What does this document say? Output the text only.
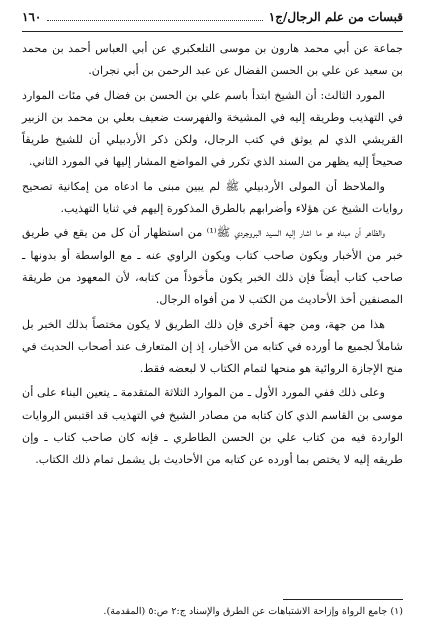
قبسات من علم الرجال/ج١
١٦٠

جماعة عن أبي محمد هارون بن موسى التلعكبري عن أبي العباس أحمد بن محمد بن سعيد عن علي بن الحسن الفضال عن عبد الرحمن بن أبي نجران.

المورد الثالث: أن الشيخ ابتدأ باسم علي بن الحسن بن فضال في مئات الموارد في التهذيب وطريقه إليه في المشيخة والفهرست ضعيف بعلي بن محمد بن الزبير القريشي الذي لم يوثق في كتب الرجال، ولكن ذكر الأردبيلي أن للشيخ طريقاً صحيحاً إليه يظهر من السند الذي تكرر في المواضع المشار إليها في المورد الثاني.

والملاحظ أن المولى الأردبيلي ﷺ لم يبين مبنى ما ادعاه من إمكانية تصحيح روايات الشيخ عن هؤلاء وأضرابهم بالطرق المذكورة إليهم في ثنايا التهذيب.

والظاهر أن مبناه هو ما اشار إليه السيد البروجردي ﷺ⁽¹⁾ من استظهار أن كل من يقع في طريق خبر من الأخبار ويكون صاحب كتاب ويكون الراوي عنه ـ مع الواسطة أو بدونها ـ صاحب كتاب أيضاً فإن ذلك الخبر يكون مأخوذاً من كتابه، لأن المعهود من طريقة المصنفين أخذ الأحاديث من الكتب لا من أفواه الرجال.

هذا من جهة، ومن جهة أخرى فإن ذلك الطريق لا يكون مختصاً بذلك الخبر بل شاملاً لجميع ما أورده في كتابه من الأخبار، إذ إن المتعارف عند أصحاب الحديث في منح الإجازة الروائية هو منحها لتمام الكتاب لا لبعضه فقط.

وعلى ذلك ففي المورد الأول ـ من الموارد الثلاثة المتقدمة ـ يتعين البناء على أن موسى بن القاسم الذي كان كتابه من مصادر الشيخ في التهذيب قد اقتبس الروايات الواردة فيه من كتاب علي بن الحسن الطاطري ـ فإنه كان صاحب كتاب ـ وإن طريقه إليه لا يختص بما أورده عن كتابه من الأحاديث بل يشمل تمام ذلك الكتاب.

(١) جامع الرواة وإزاحة الاشتباهات عن الطرق والإسناد ج:٢ ص:٥ (المقدمة).
